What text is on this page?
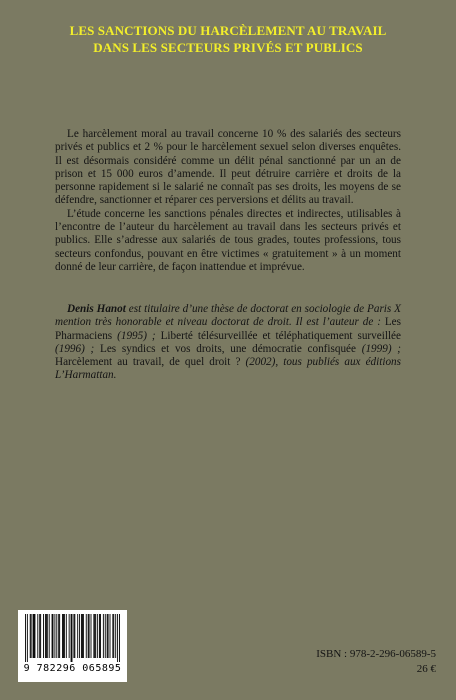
LES SANCTIONS DU HARCÈLEMENT AU TRAVAIL
DANS LES SECTEURS PRIVÉS ET PUBLICS

Le harcèlement moral au travail concerne 10 % des salariés des secteurs privés et publics et 2 % pour le harcèlement sexuel selon diverses enquêtes. Il est désormais considéré comme un délit pénal sanctionné par un an de prison et 15 000 euros d’amende. Il peut détruire carrière et droits de la personne rapidement si le salarié ne connaît pas ses droits, les moyens de se défendre, sanctionner et réparer ces perversions et délits au travail.

L’étude concerne les sanctions pénales directes et indirectes, utilisables à l’encontre de l’auteur du harcèlement au travail dans les secteurs privés et publics. Elle s’adresse aux salariés de tous grades, toutes professions, tous secteurs confondus, pouvant en être victimes « gratuitement » à un moment donné de leur carrière, de façon inattendue et imprévue.

Denis Hanot est titulaire d’une thèse de doctorat en sociologie de Paris X mention très honorable et niveau doctorat de droit. Il est l’auteur de : Les Pharmaciens (1995) ; Liberté télésurveillée et téléphatiquement surveillée (1996) ; Les syndics et vos droits, une démocratie confisquée (1999) ; Harcèlement au travail, de quel droit ? (2002), tous publiés aux éditions L’Harmattan.
9 782296 065895
ISBN : 978-2-296-06589-5
26 €
